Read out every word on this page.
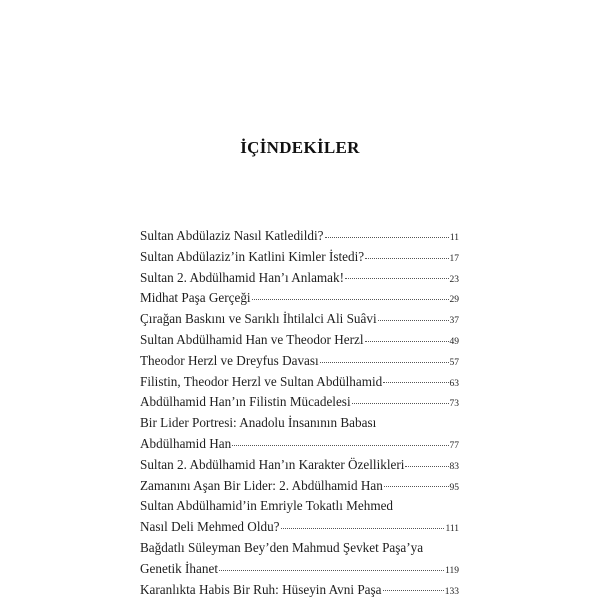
İÇİNDEKİLER
Sultan Abdülaziz Nasıl Katledildi?	11
Sultan Abdülaziz’in Katlini Kimler İstedi?	17
Sultan 2. Abdülhamid Han’ı Anlamak!	23
Midhat Paşa Gerçeği	29
Çırağan Baskını ve Sarıklı İhtilalci Ali Suâvi	37
Sultan Abdülhamid Han ve Theodor Herzl	49
Theodor Herzl ve Dreyfus Davası	57
Filistin, Theodor Herzl ve Sultan Abdülhamid	63
Abdülhamid Han’ın Filistin Mücadelesi	73
Bir Lider Portresi: Anadolu İnsanının Babası
Abdülhamid Han	77
Sultan 2. Abdülhamid Han’ın Karakter Özellikleri	83
Zamanını Aşan Bir Lider: 2. Abdülhamid Han	95
Sultan Abdülhamid’in Emriyle Tokatlı Mehmed
Nasıl Deli Mehmed Oldu?	111
Bağdatlı Süleyman Bey’den Mahmud Şevket Paşa’ya
Genetik İhanet	119
Karanlıkta Habis Bir Ruh: Hüseyin Avni Paşa	133
